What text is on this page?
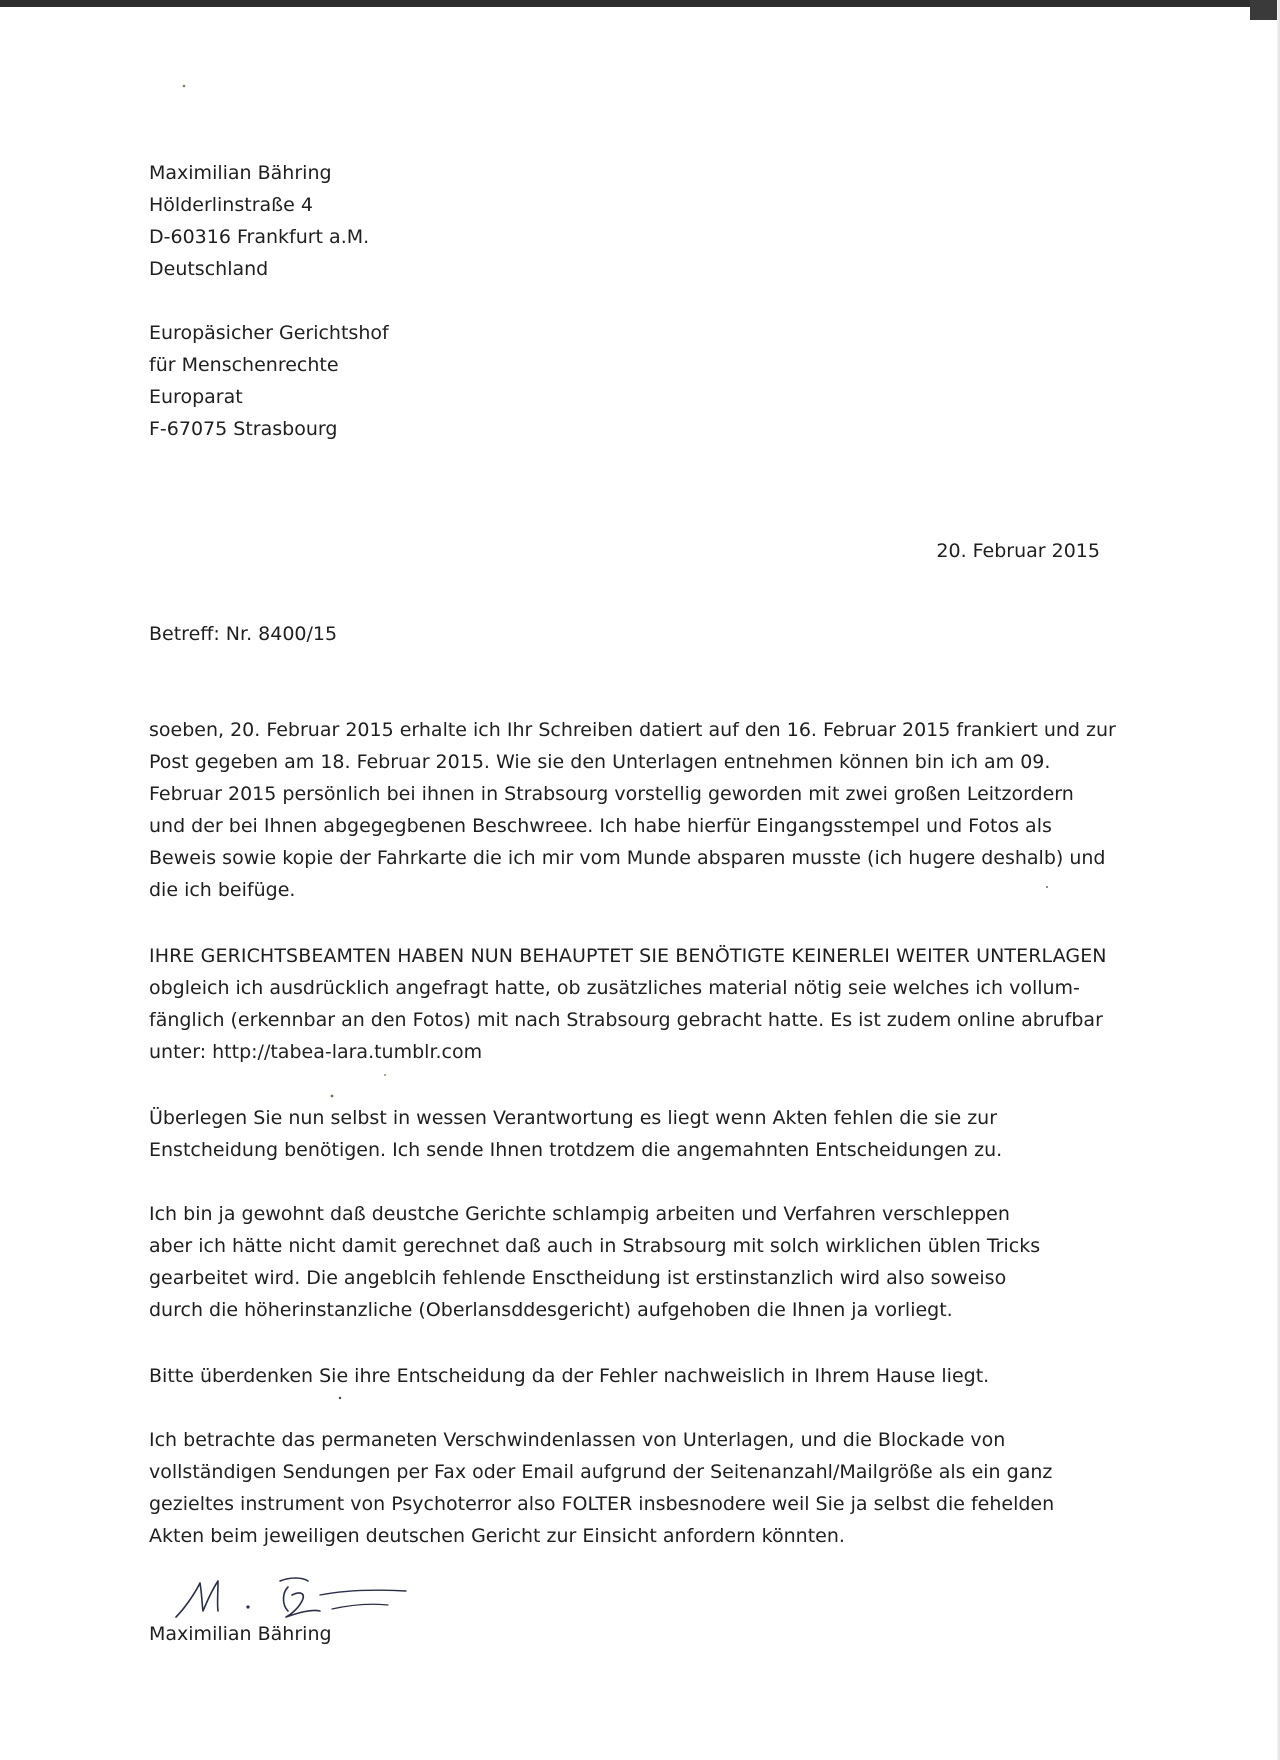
Maximilian Bähring
Hölderlinstraße 4
D-60316 Frankfurt a.M.
Deutschland
Europäsicher Gerichtshof
für Menschenrechte
Europarat
F-67075 Strasbourg
20. Februar 2015
Betreff: Nr. 8400/15
soeben, 20. Februar 2015 erhalte ich Ihr Schreiben datiert auf den 16. Februar 2015 frankiert und zur
Post gegeben am 18. Februar 2015. Wie sie den Unterlagen entnehmen können bin ich am 09.
Februar 2015 persönlich bei ihnen in Strabsourg vorstellig geworden mit zwei großen Leitzordern
und der bei Ihnen abgegegbenen Beschwreee. Ich habe hierfür Eingangsstempel und Fotos als
Beweis sowie kopie der Fahrkarte die ich mir vom Munde absparen musste (ich hugere deshalb) und
die ich beifüge.
IHRE GERICHTSBEAMTEN HABEN NUN BEHAUPTET SIE BENÖTIGTE KEINERLEI WEITER UNTERLAGEN
obgleich ich ausdrücklich angefragt hatte, ob zusätzliches material nötig seie welches ich vollum-
fänglich (erkennbar an den Fotos) mit nach Strabsourg gebracht hatte. Es ist zudem online abrufbar
unter: http://tabea-lara.tumblr.com
Überlegen Sie nun selbst in wessen Verantwortung es liegt wenn Akten fehlen die sie zur
Enstcheidung benötigen. Ich sende Ihnen trotdzem die angemahnten Entscheidungen zu.
Ich bin ja gewohnt daß deustche Gerichte schlampig arbeiten und Verfahren verschleppen
aber ich hätte nicht damit gerechnet daß auch in Strabsourg mit solch wirklichen üblen Tricks
gearbeitet wird. Die angeblcih fehlende Ensctheidung ist erstinstanzlich wird also soweiso
durch die höherinstanzliche (Oberlansddesgericht) aufgehoben die Ihnen ja vorliegt.
Bitte überdenken Sie ihre Entscheidung da der Fehler nachweislich in Ihrem Hause liegt.
Ich betrachte das permaneten Verschwindenlassen von Unterlagen, und die Blockade von
vollständigen Sendungen per Fax oder Email aufgrund der Seitenanzahl/Mailgröße als ein ganz
gezieltes instrument von Psychoterror also FOLTER insbesnodere weil Sie ja selbst die fehelden
Akten beim jeweiligen deutschen Gericht zur Einsicht anfordern könnten.
Maximilian Bähring
